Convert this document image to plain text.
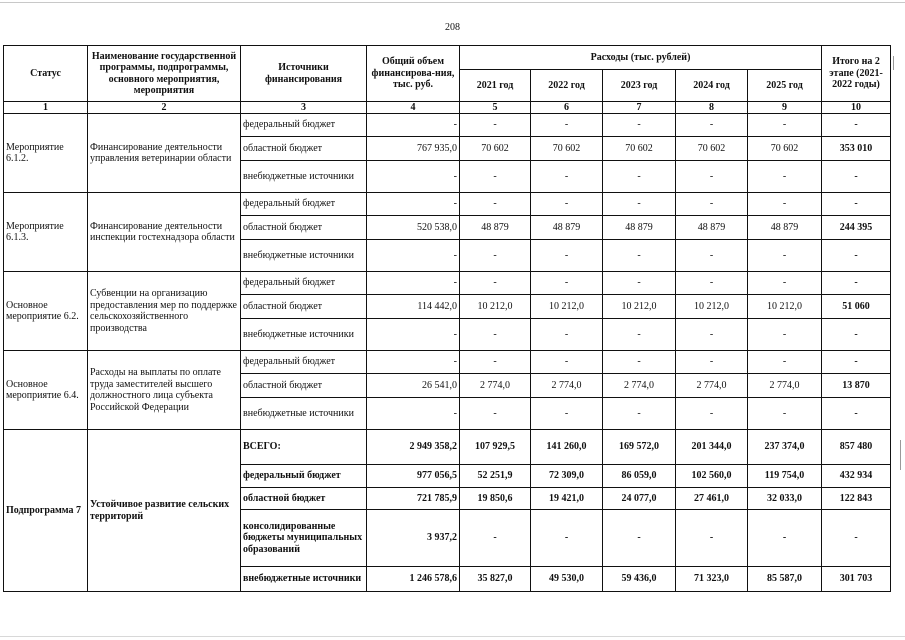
208
Статус	Наименование государственной программы, подпрограммы, основного мероприятия, мероприятия	Источники финансирования	Общий объем финансирова-ния, тыс. руб.	Расходы (тыс. рублей)					Итого на 2 этапе (2021-2022 годы)
				2021 год	2022 год	2023 год	2024 год	2025 год	
1	2	3	4	5	6	7	8	9	10
Мероприятие 6.1.2.	Финансирование деятельности управления ветеринарии области	федеральный бюджет	-	-	-	-	-	-	-
		областной бюджет	767 935,0	70 602	70 602	70 602	70 602	70 602	353 010
		внебюджетные источники	-	-	-	-	-	-	-
Мероприятие 6.1.3.	Финансирование деятельности инспекции гостехнадзора области	федеральный бюджет	-	-	-	-	-	-	-
		областной бюджет	520 538,0	48 879	48 879	48 879	48 879	48 879	244 395
		внебюджетные источники	-	-	-	-	-	-	-
Основное мероприятие 6.2.	Субвенции на организацию предоставления мер по поддержке сельскохозяйственного производства	федеральный бюджет	-	-	-	-	-	-	-
		областной бюджет	114 442,0	10 212,0	10 212,0	10 212,0	10 212,0	10 212,0	51 060
		внебюджетные источники	-	-	-	-	-	-	-
Основное мероприятие 6.4.	Расходы на выплаты по оплате труда заместителей высшего должностного лица субъекта Российской Федерации	федеральный бюджет	-	-	-	-	-	-	-
		областной бюджет	26 541,0	2 774,0	2 774,0	2 774,0	2 774,0	2 774,0	13 870
		внебюджетные источники	-	-	-	-	-	-	-
Подпрограмма 7	Устойчивое развитие сельских территорий	ВСЕГО:	2 949 358,2	107 929,5	141 260,0	169 572,0	201 344,0	237 374,0	857 480
		федеральный бюджет	977 056,5	52 251,9	72 309,0	86 059,0	102 560,0	119 754,0	432 934
		областной бюджет	721 785,9	19 850,6	19 421,0	24 077,0	27 461,0	32 033,0	122 843
		консолидированные бюджеты муниципальных образований	3 937,2	-	-	-	-	-	-
		внебюджетные источники	1 246 578,6	35 827,0	49 530,0	59 436,0	71 323,0	85 587,0	301 703
